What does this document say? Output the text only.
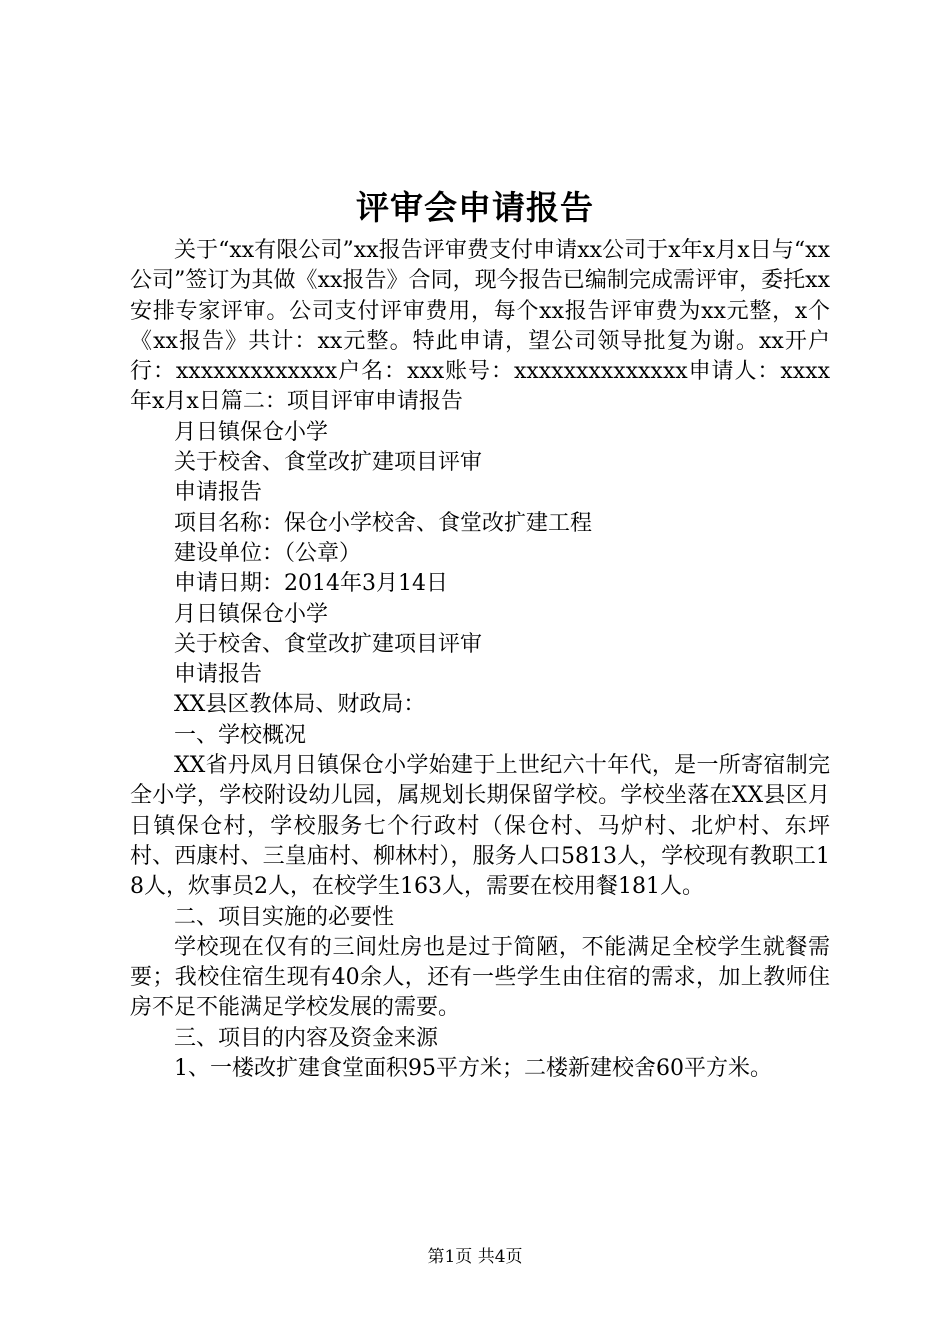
评审会申请报告

关于“xx有限公司”xx报告评审费支付申请xx公司于x年x月x日与“xx公司”签订为其做《xx报告》合同，现今报告已编制完成需评审，委托xx安排专家评审。公司支付评审费用，每个xx报告评审费为xx元整，x个《xx报告》共计：xx元整。特此申请，望公司领导批复为谢。xx开户行：xxxxxxxxxxxxx户名：xxx账号：xxxxxxxxxxxxxx申请人：xxxx年x月x日篇二：项目评审申请报告

月日镇保仓小学

关于校舍、食堂改扩建项目评审

申请报告

项目名称：保仓小学校舍、食堂改扩建工程

建设单位：（公章）

申请日期：2014年3月14日

月日镇保仓小学

关于校舍、食堂改扩建项目评审

申请报告

XX县区教体局、财政局：

一、学校概况

XX省丹凤月日镇保仓小学始建于上世纪六十年代，是一所寄宿制完全小学，学校附设幼儿园，属规划长期保留学校。学校坐落在XX县区月日镇保仓村，学校服务七个行政村（保仓村、马炉村、北炉村、东坪村、西康村、三皇庙村、柳林村），服务人口5813人，学校现有教职工18人，炊事员2人，在校学生163人，需要在校用餐181人。

二、项目实施的必要性

学校现在仅有的三间灶房也是过于简陋，不能满足全校学生就餐需要；我校住宿生现有40余人，还有一些学生由住宿的需求，加上教师住房不足不能满足学校发展的需要。

三、项目的内容及资金来源

1、一楼改扩建食堂面积95平方米；二楼新建校舍60平方米。

第1页 共4页
